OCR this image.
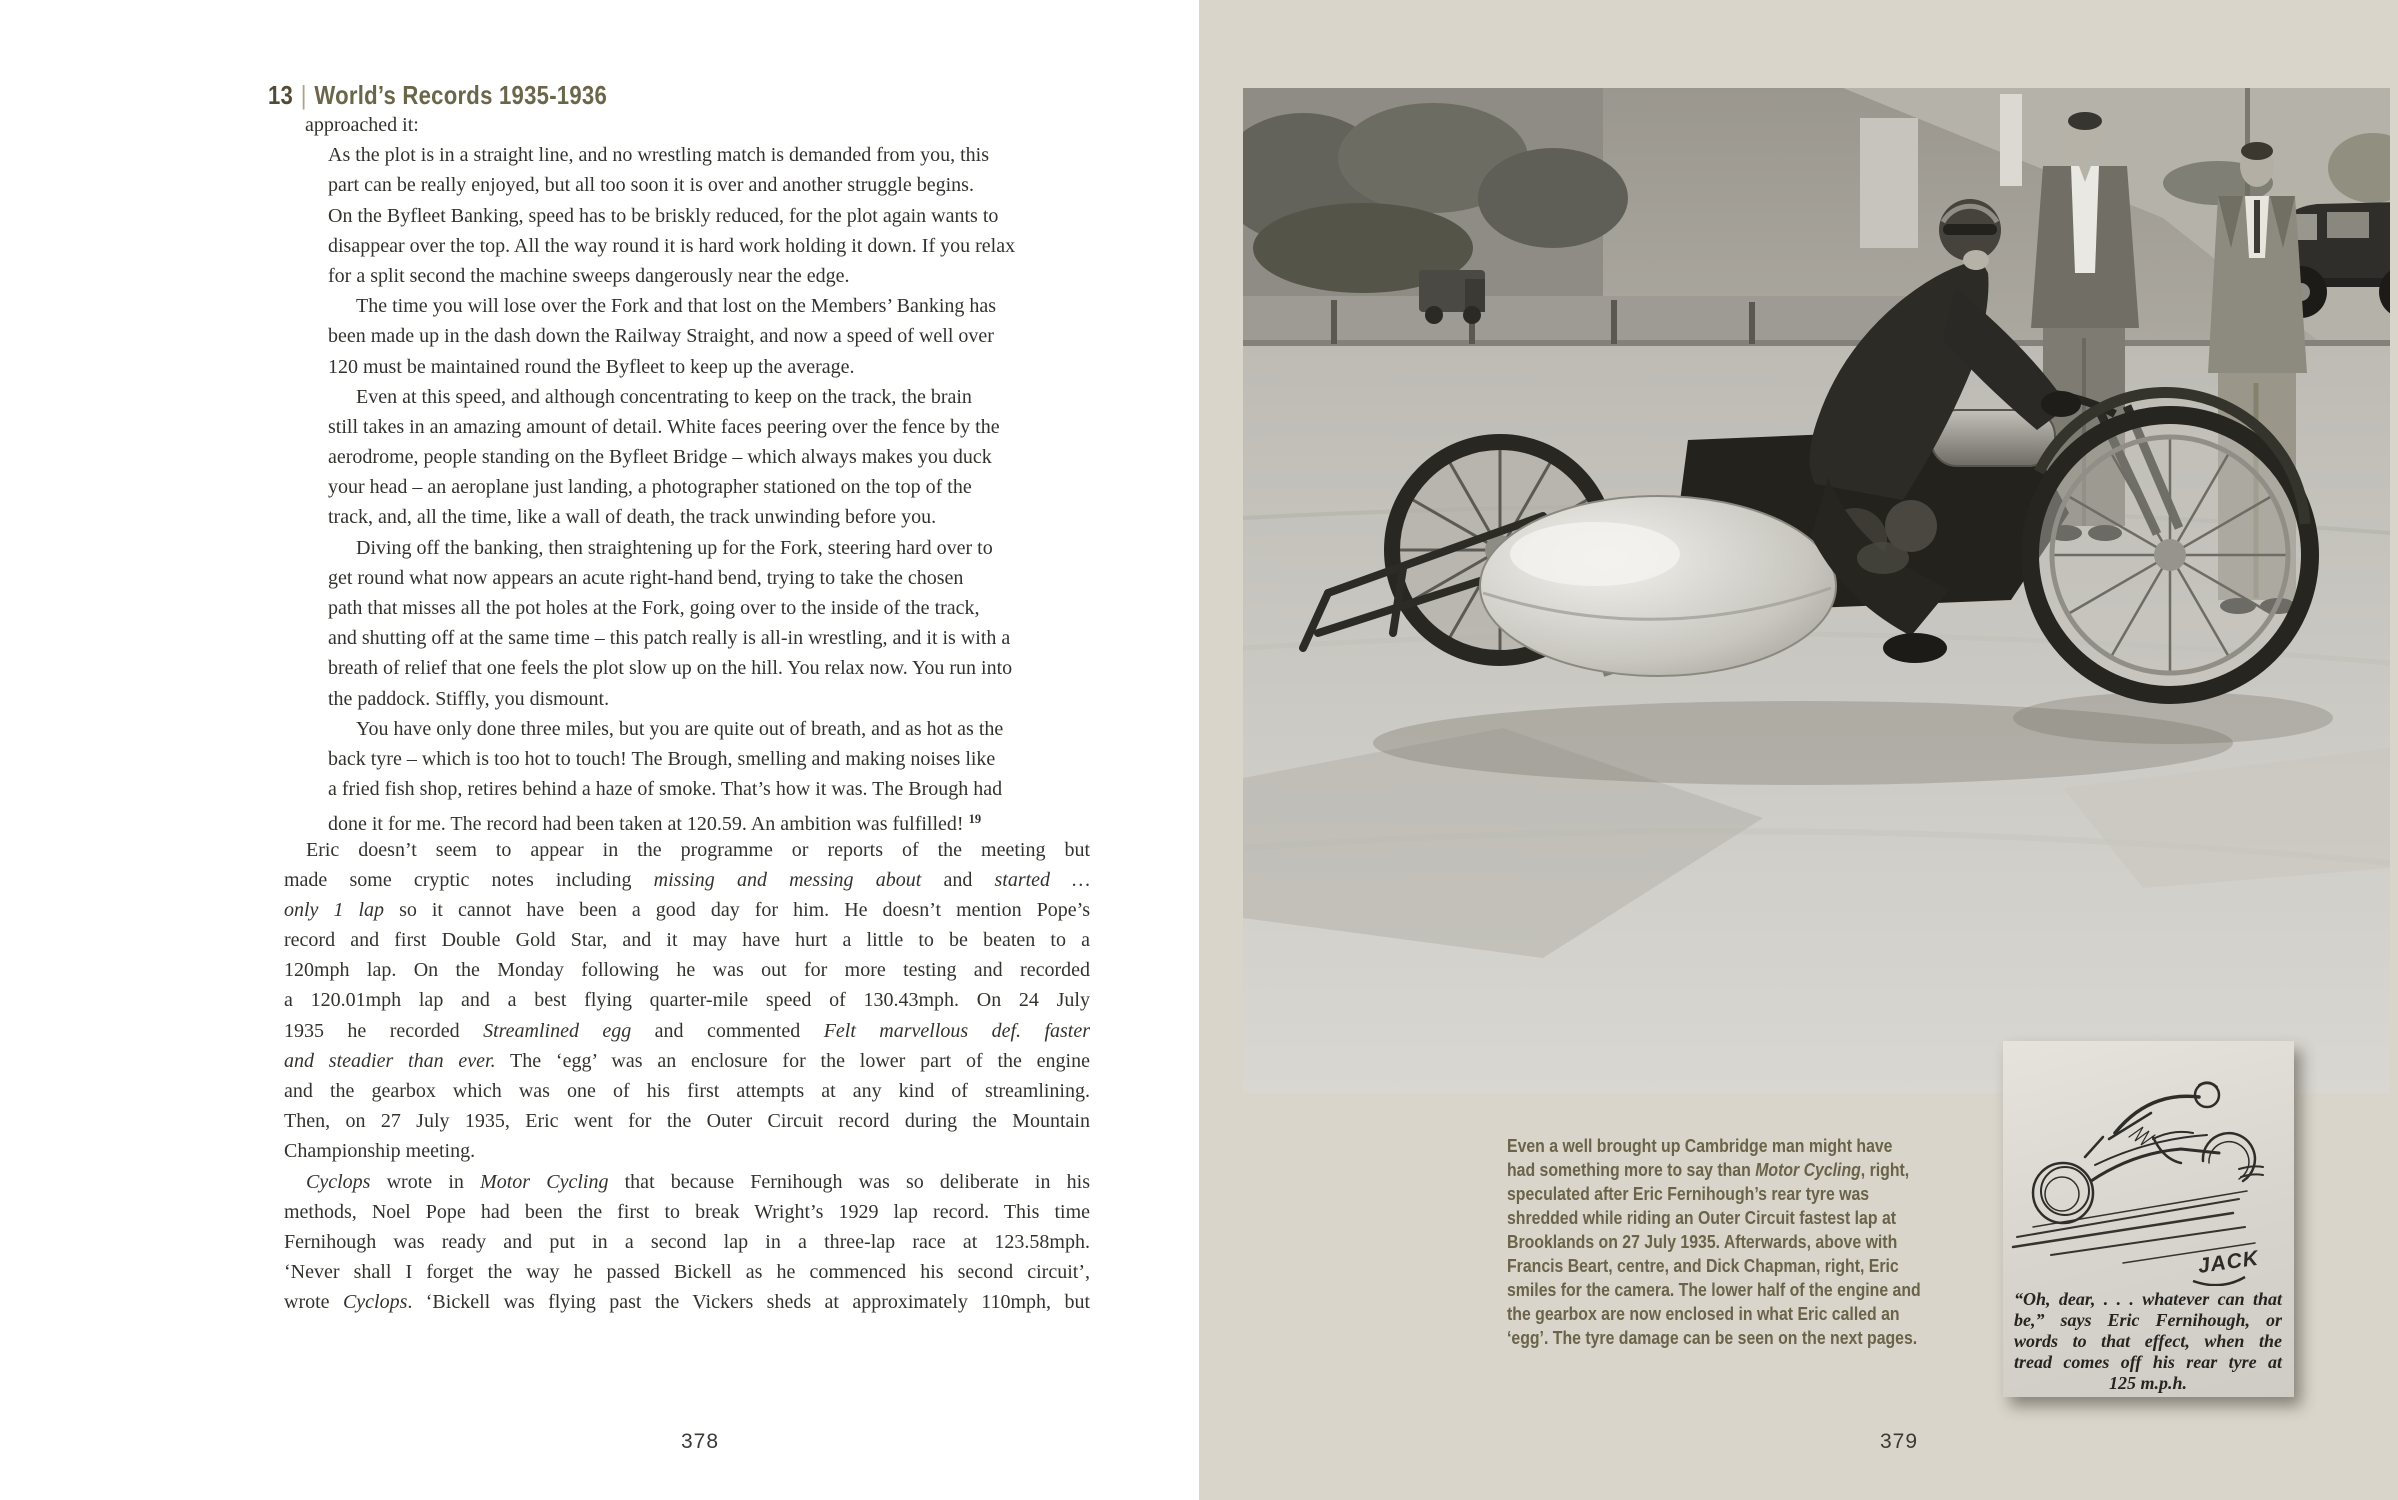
13 | World’s Records 1935-1936
approached it:
As the plot is in a straight line, and no wrestling match is demanded from you, this
part can be really enjoyed, but all too soon it is over and another struggle begins.
On the Byfleet Banking, speed has to be briskly reduced, for the plot again wants to
disappear over the top. All the way round it is hard work holding it down. If you relax
for a split second the machine sweeps dangerously near the edge.
The time you will lose over the Fork and that lost on the Members’ Banking has
been made up in the dash down the Railway Straight, and now a speed of well over
120 must be maintained round the Byfleet to keep up the average.
Even at this speed, and although concentrating to keep on the track, the brain
still takes in an amazing amount of detail. White faces peering over the fence by the
aerodrome, people standing on the Byfleet Bridge – which always makes you duck
your head – an aeroplane just landing, a photographer stationed on the top of the
track, and, all the time, like a wall of death, the track unwinding before you.
Diving off the banking, then straightening up for the Fork, steering hard over to
get round what now appears an acute right-hand bend, trying to take the chosen
path that misses all the pot holes at the Fork, going over to the inside of the track,
and shutting off at the same time – this patch really is all-in wrestling, and it is with a
breath of relief that one feels the plot slow up on the hill. You relax now. You run into
the paddock. Stiffly, you dismount.
You have only done three miles, but you are quite out of breath, and as hot as the
back tyre – which is too hot to touch! The Brough, smelling and making noises like
a fried fish shop, retires behind a haze of smoke. That’s how it was. The Brough had
done it for me. The record had been taken at 120.59. An ambition was fulfilled! $^{19}$
Eric doesn’t seem to appear in the programme or reports of the meeting but
made some cryptic notes including missing and messing about and started …
only 1 lap so it cannot have been a good day for him. He doesn’t mention Pope’s
record and first Double Gold Star, and it may have hurt a little to be beaten to a
120mph lap. On the Monday following he was out for more testing and recorded
a 120.01mph lap and a best flying quarter-mile speed of 130.43mph. On 24 July
1935 he recorded Streamlined egg and commented Felt marvellous def. faster
and steadier than ever. The ‘egg’ was an enclosure for the lower part of the engine
and the gearbox which was one of his first attempts at any kind of streamlining.
Then, on 27 July 1935, Eric went for the Outer Circuit record during the Mountain
Championship meeting.
Cyclops wrote in Motor Cycling that because Fernihough was so deliberate in his
methods, Noel Pope had been the first to break Wright’s 1929 lap record. This time
Fernihough was ready and put in a second lap in a three-lap race at 123.58mph.
‘Never shall I forget the way he passed Bickell as he commenced his second circuit’,
wrote Cyclops. ‘Bickell was flying past the Vickers sheds at approximately 110mph, but
378
Even a well brought up Cambridge man might have
had something more to say than Motor Cycling, right,
speculated after Eric Fernihough’s rear tyre was
shredded while riding an Outer Circuit fastest lap at
Brooklands on 27 July 1935. Afterwards, above with
Francis Beart, centre, and Dick Chapman, right, Eric
smiles for the camera. The lower half of the engine and
the gearbox are now enclosed in what Eric called an
‘egg’. The tyre damage can be seen on the next pages.
JACK
“Oh, dear, . . . whatever can that
be,” says Eric Fernihough, or
words to that effect, when the
tread comes off his rear tyre at
125 m.p.h.
379
